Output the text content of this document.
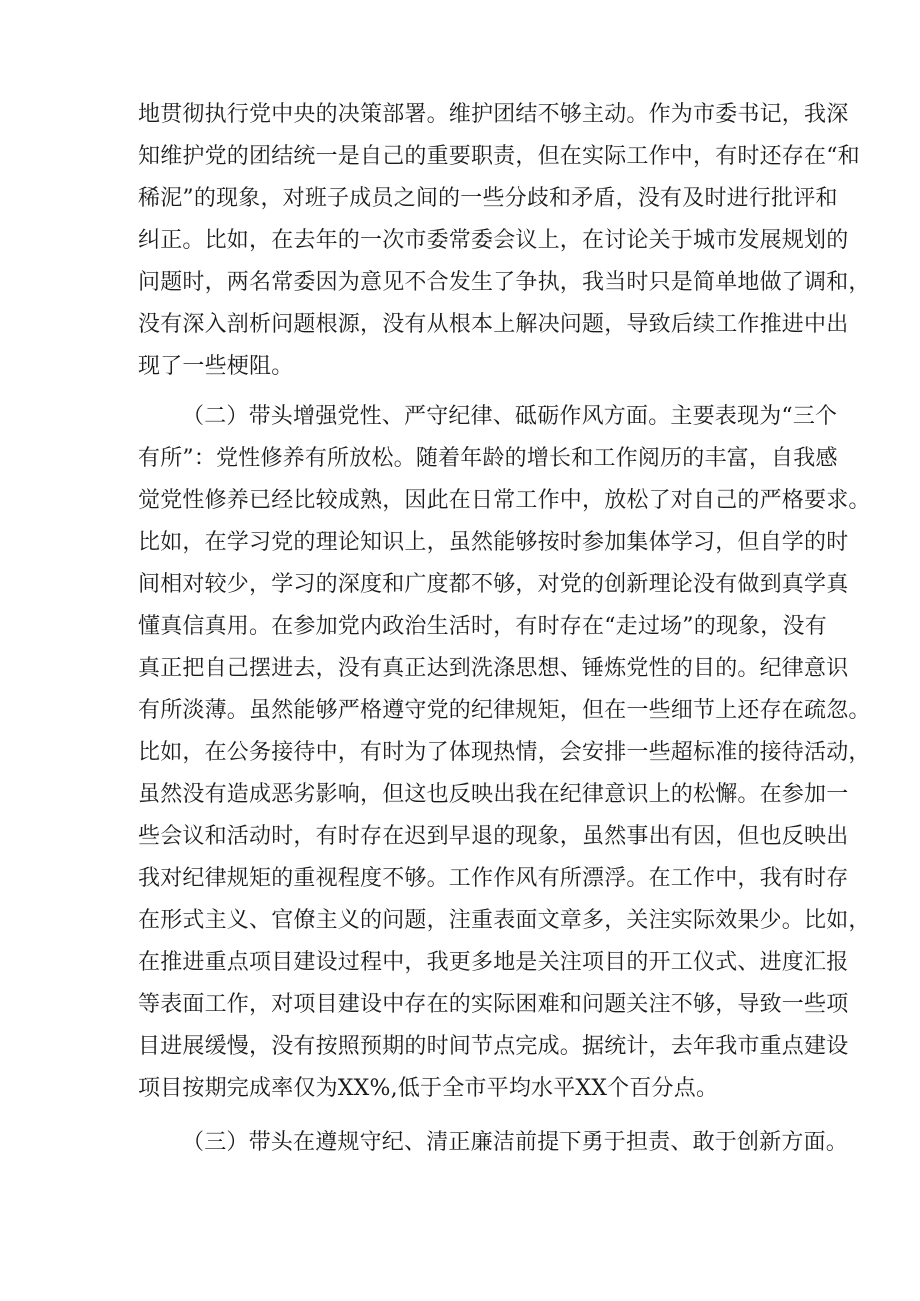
地贯彻执行党中央的决策部署。维护团结不够主动。作为市委书记，我深
知维护党的团结统一是自己的重要职责，但在实际工作中，有时还存在“和
稀泥”的现象，对班子成员之间的一些分歧和矛盾，没有及时进行批评和
纠正。比如，在去年的一次市委常委会议上，在讨论关于城市发展规划的
问题时，两名常委因为意见不合发生了争执，我当时只是简单地做了调和，
没有深入剖析问题根源，没有从根本上解决问题，导致后续工作推进中出
现了一些梗阻。
（二）带头增强党性、严守纪律、砥砺作风方面。主要表现为“三个
有所”：党性修养有所放松。随着年龄的增长和工作阅历的丰富，自我感
觉党性修养已经比较成熟，因此在日常工作中，放松了对自己的严格要求。
比如，在学习党的理论知识上，虽然能够按时参加集体学习，但自学的时
间相对较少，学习的深度和广度都不够，对党的创新理论没有做到真学真
懂真信真用。在参加党内政治生活时，有时存在“走过场”的现象，没有
真正把自己摆进去，没有真正达到洗涤思想、锤炼党性的目的。纪律意识
有所淡薄。虽然能够严格遵守党的纪律规矩，但在一些细节上还存在疏忽。
比如，在公务接待中，有时为了体现热情，会安排一些超标准的接待活动，
虽然没有造成恶劣影响，但这也反映出我在纪律意识上的松懈。在参加一
些会议和活动时，有时存在迟到早退的现象，虽然事出有因，但也反映出
我对纪律规矩的重视程度不够。工作作风有所漂浮。在工作中，我有时存
在形式主义、官僚主义的问题，注重表面文章多，关注实际效果少。比如，
在推进重点项目建设过程中，我更多地是关注项目的开工仪式、进度汇报
等表面工作，对项目建设中存在的实际困难和问题关注不够，导致一些项
目进展缓慢，没有按照预期的时间节点完成。据统计，去年我市重点建设
项目按期完成率仅为XX%,低于全市平均水平XX个百分点。
（三）带头在遵规守纪、清正廉洁前提下勇于担责、敢于创新方面。
